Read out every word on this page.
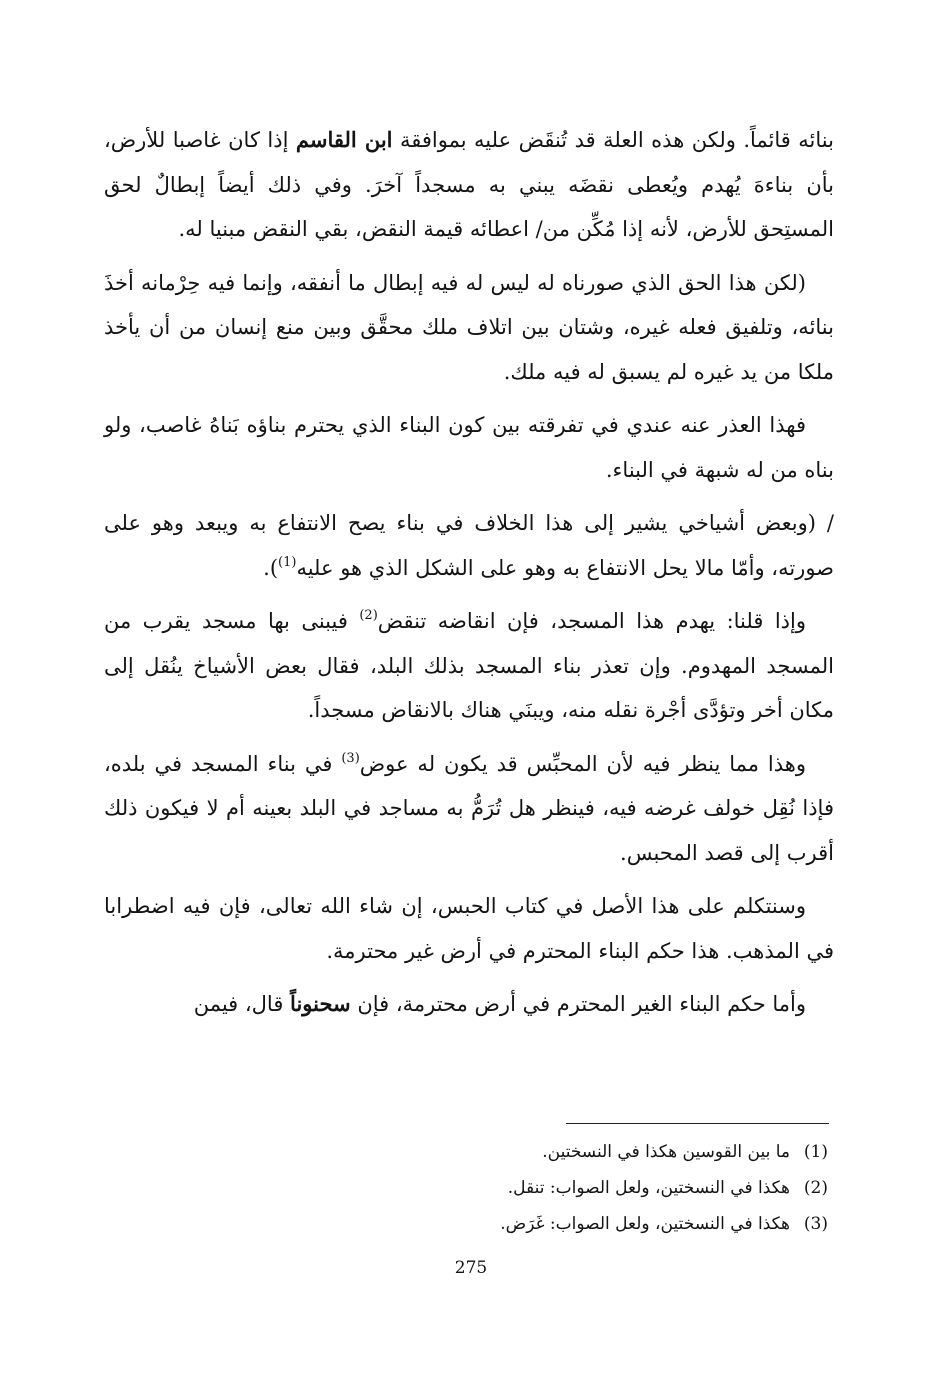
بنائه قائماً. ولكن هذه العلة قد تُنقَض عليه بموافقة ابن القاسم إذا كان غاصبا للأرض، بأن بناءهَ يُهدم ويُعطى نقضَه يبني به مسجداً آخرَ. وفي ذلك أيضاً إبطالٌ لحق المستِحق للأرض، لأنه إذا مُكِّن من/ اعطائه قيمة النقض، بقي النقض مبنيا له.

(لكن هذا الحق الذي صورناه له ليس له فيه إبطال ما أنفقه، وإنما فيه حِرْمانه أخذَ بنائه، وتلفيق فعله غيره، وشتان بين اتلاف ملك محقَّق وبين منع إنسان من أن يأخذ ملكا من يد غيره لم يسبق له فيه ملك.

فهذا العذر عنه عندي في تفرقته بين كون البناء الذي يحترم بناؤه بَناهُ غاصب، ولو بناه من له شبهة في البناء.

/ (وبعض أشياخي يشير إلى هذا الخلاف في بناء يصح الانتفاع به ويبعد وهو على صورته، وأمّا مالا يحل الانتفاع به وهو على الشكل الذي هو عليه$^{(1)}$).

وإذا قلنا: يهدم هذا المسجد، فإن انقاضه تنقض$^{(2)}$ فيبنى بها مسجد يقرب من المسجد المهدوم. وإن تعذر بناء المسجد بذلك البلد، فقال بعض الأشياخ ينُقل إلى مكان أخر وتؤدَّى أجْرة نقله منه، ويبنَي هناك بالانقاض مسجداً.

وهذا مما ينظر فيه لأن المحبِّس قد يكون له عوض$^{(3)}$ في بناء المسجد في بلده، فإذا نُقِل خولف غرضه فيه، فينظر هل تُرَمُّ به مساجد في البلد بعينه أم لا فيكون ذلك أقرب إلى قصد المحبس.

وسنتكلم على هذا الأصل في كتاب الحبس، إن شاء الله تعالى، فإن فيه اضطرابا في المذهب. هذا حكم البناء المحترم في أرض غير محترمة.

وأما حكم البناء الغير المحترم في أرض محترمة، فإن سحنوناً قال، فيمن

(1)
ما بين القوسين هكذا في النسختين.
(2)
هكذا في النسختين، ولعل الصواب: تنقل.
(3)
هكذا في النسختين، ولعل الصواب: غَرَض.
275
